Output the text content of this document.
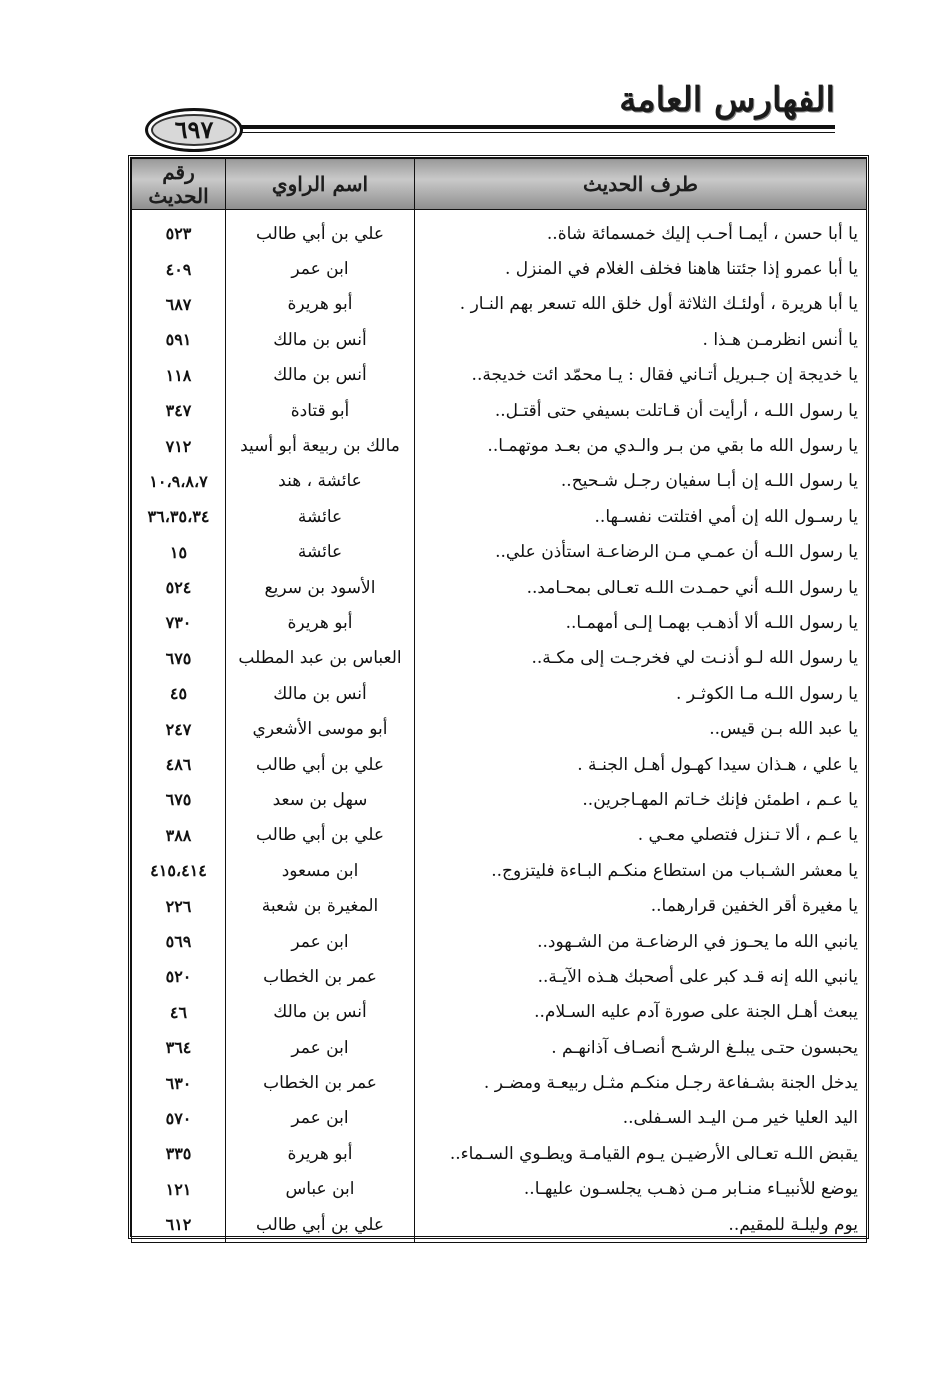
الفهارس العامة
٦٩٧
طرف الحديث	اسم الراوي	رقم الحديث
يا أبا حسن ، أيمـا أحـب إليك خمسمائة شاة..	علي بن أبي طالب	٥٢٣
يا أبا عمرو إذا جئتنا هاهنا فخلف الغلام في المنزل .	ابن عمر	٤٠٩
يا أبا هريرة ، أولئـك الثلاثة أول خلق الله تسعر بهم النـار .	أبو هريرة	٦٨٧
يا أنس انظرمـن هـذا .	أنس بن مالك	٥٩١
يا خديجة إن جـبريل أتـاني فقال : يـا محمّد ائت خديجة..	أنس بن مالك	١١٨
يا رسول اللـه ، أرأيت أن قـاتلت بسيفي حتى أقتـل..	أبو قتادة	٣٤٧
يا رسول الله ما بقي من بـر والـدي من بعـد موتهمـا..	مالك بن ربيعة أبو أسيد	٧١٢
يا رسول اللـه إن أبـا سفيان رجـل شـحيح..	عائشة ، هند	١٠،٩،٨،٧
يا رسـول الله إن أمي افتلتت نفسـها..	عائشة	٣٦،٣٥،٣٤
يا رسول اللـه أن عمـي مـن الرضاعـة استأذن علي..	عائشة	١٥
يا رسول اللـه أني حمـدت اللـه تعـالى بمحـامد..	الأسود بن سريع	٥٢٤
يا رسول اللـه ألا أذهـب بهمـا إلـى أمهمـا..	أبو هريرة	٧٣٠
يا رسول الله لـو أذنـت لي فخرجـت إلى مكـة..	العباس بن عبد المطلب	٦٧٥
يا رسول اللـه مـا الكوثـر .	أنس بن مالك	٤٥
يا عبد الله بـن قيس..	أبو موسى الأشعري	٢٤٧
يا علي ، هـذان سيدا كهـول أهـل الجنـة .	علي بن أبي طالب	٤٨٦
يا عـم ، اطمئن فإنك خـاتم المهـاجرين..	سهل بن سعد	٦٧٥
يا عـم ، ألا تـنزل فتصلي معـي .	علي بن أبي طالب	٣٨٨
يا معشر الشـباب من استطاع منكـم البـاءة فليتزوج..	ابن مسعود	٤١٥،٤١٤
يا مغيرة أقر الخفين قرارهما..	المغيرة بن شعبة	٢٢٦
يانبي الله ما يحـوز في الرضاعـة من الشـهود..	ابن عمر	٥٦٩
يانبي الله إنه قـد كبر على أصحبك هـذه الآيـة..	عمر بن الخطاب	٥٢٠
يبعث أهـل الجنة على صورة آدم عليه السـلام..	أنس بن مالك	٤٦
يحبسون حتـى يبلـغ الرشـح أنصـاف آذانهـم .	ابن عمر	٣٦٤
يدخل الجنة بشـفاعة رجـل منكـم مثـل ربيعـة ومضـر .	عمر بن الخطاب	٦٣٠
اليد العليا خير مـن اليـد السـفلى..	ابن عمر	٥٧٠
يقبض اللـه تعـالى الأرضيـن يـوم القيامـة ويطـوي السـماء..	أبو هريرة	٣٣٥
يوضع للأنبيـاء منـابر مـن ذهـب يجلسـون عليهـا..	ابن عباس	١٢١
يوم وليلـة للمقيم..	علي بن أبي طالب	٦١٢
